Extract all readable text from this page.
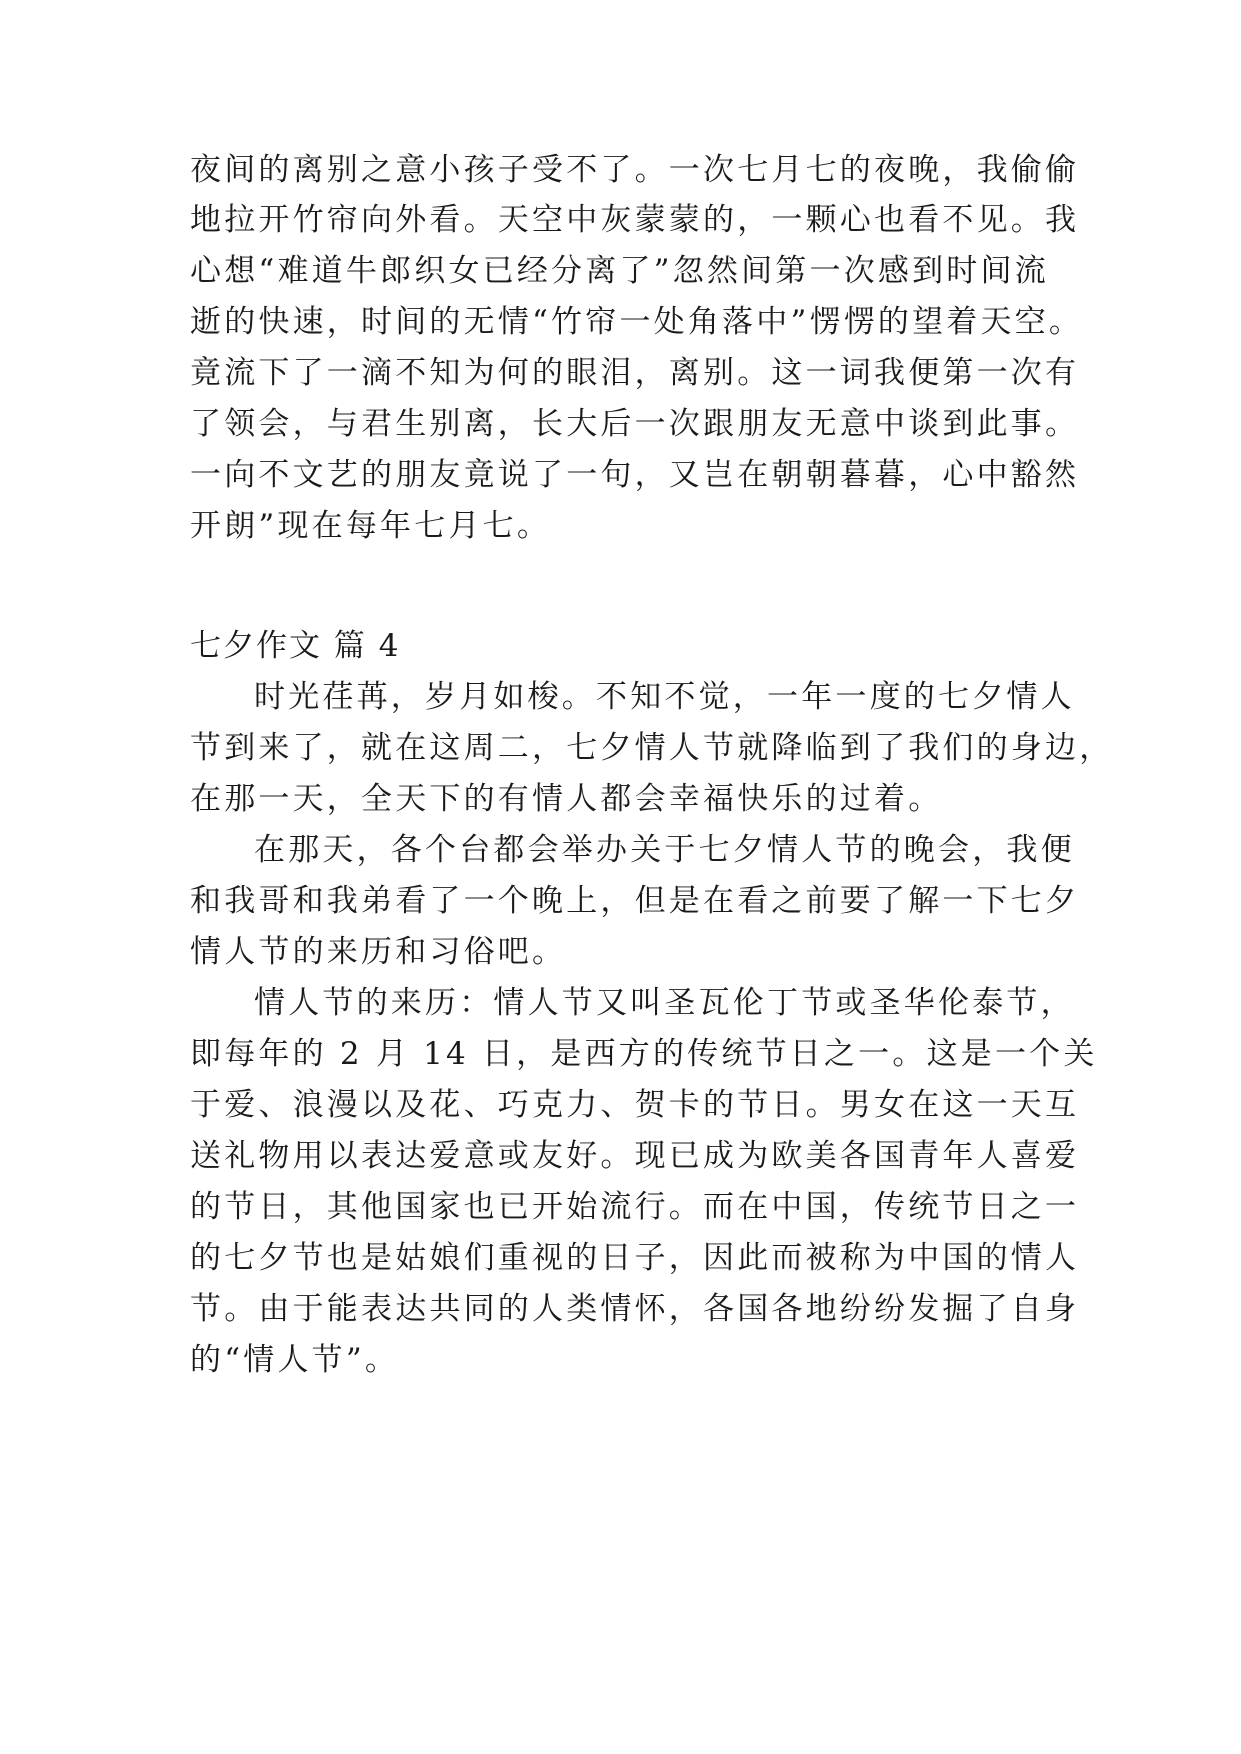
夜间的离别之意小孩子受不了。一次七月七的夜晚，我偷偷
地拉开竹帘向外看。天空中灰蒙蒙的，一颗心也看不见。我
心想“难道牛郎织女已经分离了”忽然间第一次感到时间流
逝的快速，时间的无情“竹帘一处角落中”愣愣的望着天空。
竟流下了一滴不知为何的眼泪，离别。这一词我便第一次有
了领会，与君生别离，长大后一次跟朋友无意中谈到此事。
一向不文艺的朋友竟说了一句，又岂在朝朝暮暮，心中豁然
开朗”现在每年七月七。
七夕作文 篇 4
时光荏苒，岁月如梭。不知不觉，一年一度的七夕情人
节到来了，就在这周二，七夕情人节就降临到了我们的身边，
在那一天，全天下的有情人都会幸福快乐的过着。
在那天，各个台都会举办关于七夕情人节的晚会，我便
和我哥和我弟看了一个晚上，但是在看之前要了解一下七夕
情人节的来历和习俗吧。
情人节的来历：情人节又叫圣瓦伦丁节或圣华伦泰节，
即每年的 2 月 14 日，是西方的传统节日之一。这是一个关
于爱、浪漫以及花、巧克力、贺卡的节日。男女在这一天互
送礼物用以表达爱意或友好。现已成为欧美各国青年人喜爱
的节日，其他国家也已开始流行。而在中国，传统节日之一
的七夕节也是姑娘们重视的日子，因此而被称为中国的情人
节。由于能表达共同的人类情怀，各国各地纷纷发掘了自身
的“情人节”。
